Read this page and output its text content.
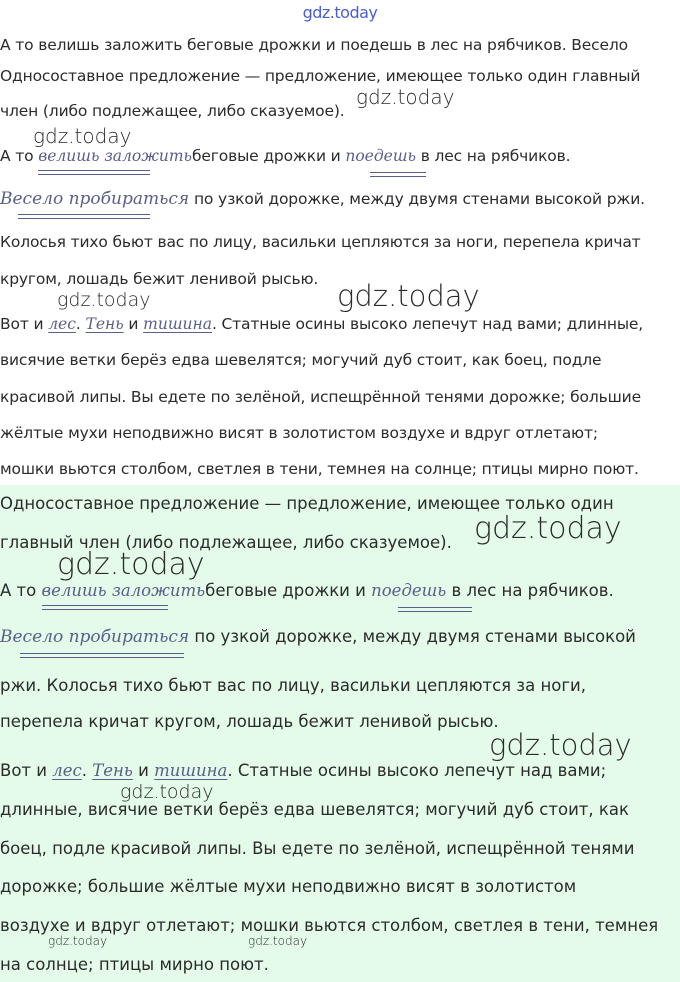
gdz.today
А то велишь заложить беговые дрожки и поедешь в лес на рябчиков. Весело
Односоставное предложение — предложение, имеющее только один главный
член (либо подлежащее, либо сказуемое).
А то велишь заложитьбеговые дрожки и поедешь в лес на рябчиков.
Весело пробираться по узкой дорожке, между двумя стенами высокой ржи.
Колосья тихо бьют вас по лицу, васильки цепляются за ноги, перепела кричат
кругом, лошадь бежит ленивой рысью.
Вот и лес. Тень и тишина. Статные осины высоко лепечут над вами; длинные,
висячие ветки берёз едва шевелятся; могучий дуб стоит, как боец, подле
красивой липы. Вы едете по зелёной, испещрённой тенями дорожке; большие
жёлтые мухи неподвижно висят в золотистом воздухе и вдруг отлетают;
мошки вьются столбом, светлея в тени, темнея на солнце; птицы мирно поют.
Односоставное предложение — предложение, имеющее только один
главный член (либо подлежащее, либо сказуемое).
А то велишь заложитьбеговые дрожки и поедешь в лес на рябчиков.
Весело пробираться по узкой дорожке, между двумя стенами высокой
ржи. Колосья тихо бьют вас по лицу, васильки цепляются за ноги,
перепела кричат кругом, лошадь бежит ленивой рысью.
Вот и лес. Тень и тишина. Статные осины высоко лепечут над вами;
длинные, висячие ветки берёз едва шевелятся; могучий дуб стоит, как
боец, подле красивой липы. Вы едете по зелёной, испещрённой тенями
дорожке; большие жёлтые мухи неподвижно висят в золотистом
воздухе и вдруг отлетают; мошки вьются столбом, светлея в тени, темнея
на солнце; птицы мирно поют.
gdz.today
gdz.today
gdz.today	gdz.today
gdz.today
gdz.today
gdz.today
gdz.today
gdz.today	gdz.today
